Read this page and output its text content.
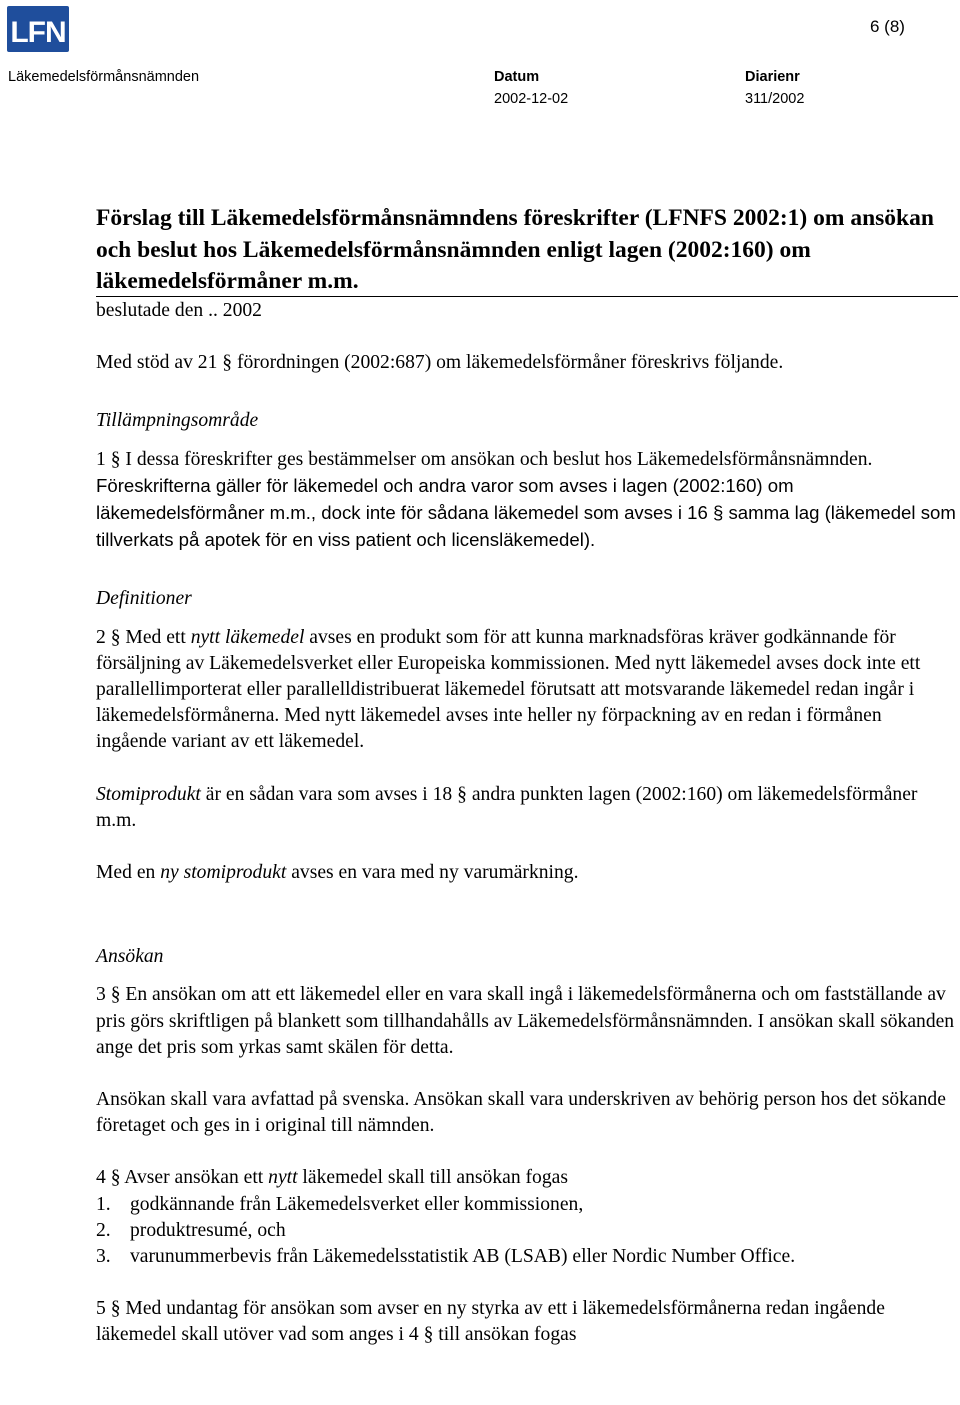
LFN	6 (8)
Läkemedelsförmånsnämnden	Datum
2002-12-02
Diarienr
311/2002
Förslag till Läkemedelsförmånsnämndens föreskrifter (LFNFS 2002:1) om ansökan och beslut hos Läkemedelsförmånsnämnden enligt lagen (2002:160) om läkemedelsförmåner m.m.

beslutade den .. 2002

Med stöd av 21 § förordningen (2002:687) om läkemedelsförmåner föreskrivs följande.

Tillämpningsområde

1 § I dessa föreskrifter ges bestämmelser om ansökan och beslut hos Läkemedelsförmånsnämnden. Föreskrifterna gäller för läkemedel och andra varor som avses i lagen (2002:160) om läkemedelsförmåner m.m., dock inte för sådana läkemedel som avses i 16 § samma lag (läkemedel som tillverkats på apotek för en viss patient och licensläkemedel).

Definitioner

2 § Med ett nytt läkemedel avses en produkt som för att kunna marknadsföras kräver godkännande för försäljning av Läkemedelsverket eller Europeiska kommissionen. Med nytt läkemedel avses dock inte ett parallellimporterat eller parallelldistribuerat läkemedel förutsatt att motsvarande läkemedel redan ingår i läkemedelsförmånerna. Med nytt läkemedel avses inte heller ny förpackning av en redan i förmånen ingående variant av ett läkemedel.

Stomiprodukt är en sådan vara som avses i 18 § andra punkten lagen (2002:160) om läkemedelsförmåner m.m.

Med en ny stomiprodukt avses en vara med ny varumärkning.

Ansökan

3 § En ansökan om att ett läkemedel eller en vara skall ingå i läkemedelsförmånerna och om fastställande av pris görs skriftligen på blankett som tillhandahålls av Läkemedelsförmånsnämnden. I ansökan skall sökanden ange det pris som yrkas samt skälen för detta.

Ansökan skall vara avfattad på svenska. Ansökan skall vara underskriven av behörig person hos det sökande företaget och ges in i original till nämnden.

4 § Avser ansökan ett nytt läkemedel skall till ansökan fogas

1. godkännande från Läkemedelsverket eller kommissionen,
2. produktresumé, och
3. varunummerbevis från Läkemedelsstatistik AB (LSAB) eller Nordic Number Office.

5 § Med undantag för ansökan som avser en ny styrka av ett i läkemedelsförmånerna redan ingående läkemedel skall utöver vad som anges i 4 § till ansökan fogas
